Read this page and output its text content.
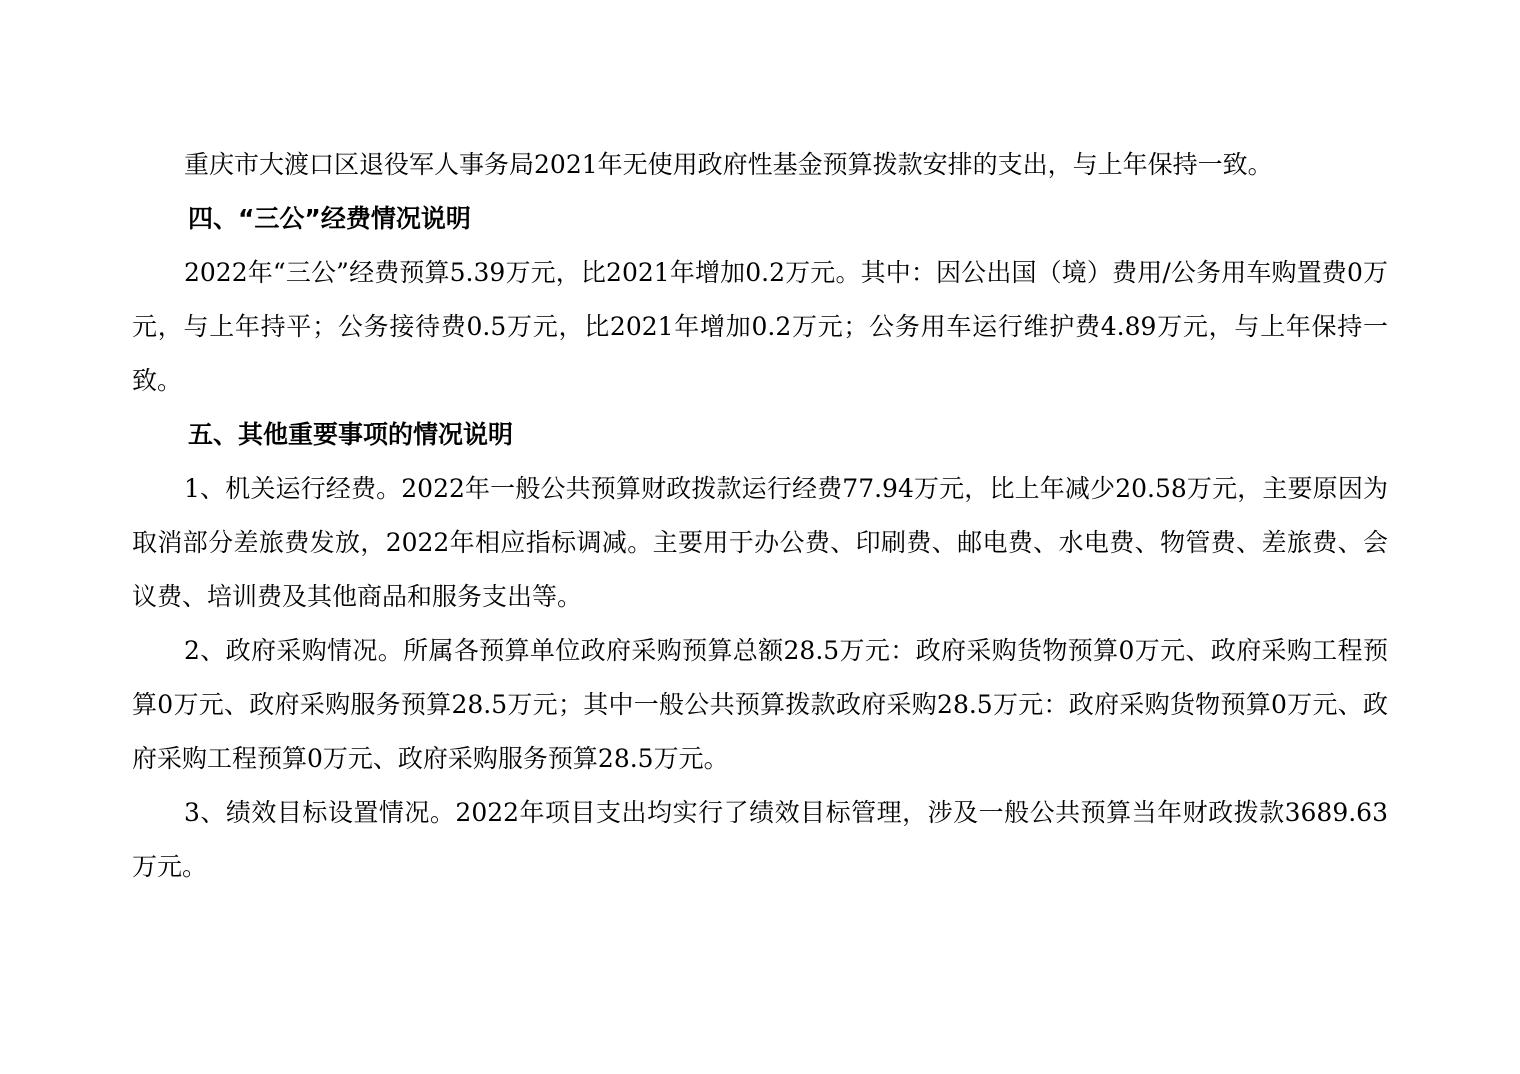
重庆市大渡口区退役军人事务局2021年无使用政府性基金预算拨款安排的支出，与上年保持一致。

四、“三公”经费情况说明

2022年“三公”经费预算5.39万元，比2021年增加0.2万元。其中：因公出国（境）费用/公务用车购置费0万元，与上年持平；公务接待费0.5万元，比2021年增加0.2万元；公务用车运行维护费4.89万元，与上年保持一致。

五、其他重要事项的情况说明

1、机关运行经费。2022年一般公共预算财政拨款运行经费77.94万元，比上年减少20.58万元，主要原因为取消部分差旅费发放，2022年相应指标调减。主要用于办公费、印刷费、邮电费、水电费、物管费、差旅费、会议费、培训费及其他商品和服务支出等。

2、政府采购情况。所属各预算单位政府采购预算总额28.5万元：政府采购货物预算0万元、政府采购工程预算0万元、政府采购服务预算28.5万元；其中一般公共预算拨款政府采购28.5万元：政府采购货物预算0万元、政府采购工程预算0万元、政府采购服务预算28.5万元。

3、绩效目标设置情况。2022年项目支出均实行了绩效目标管理，涉及一般公共预算当年财政拨款3689.63万元。
